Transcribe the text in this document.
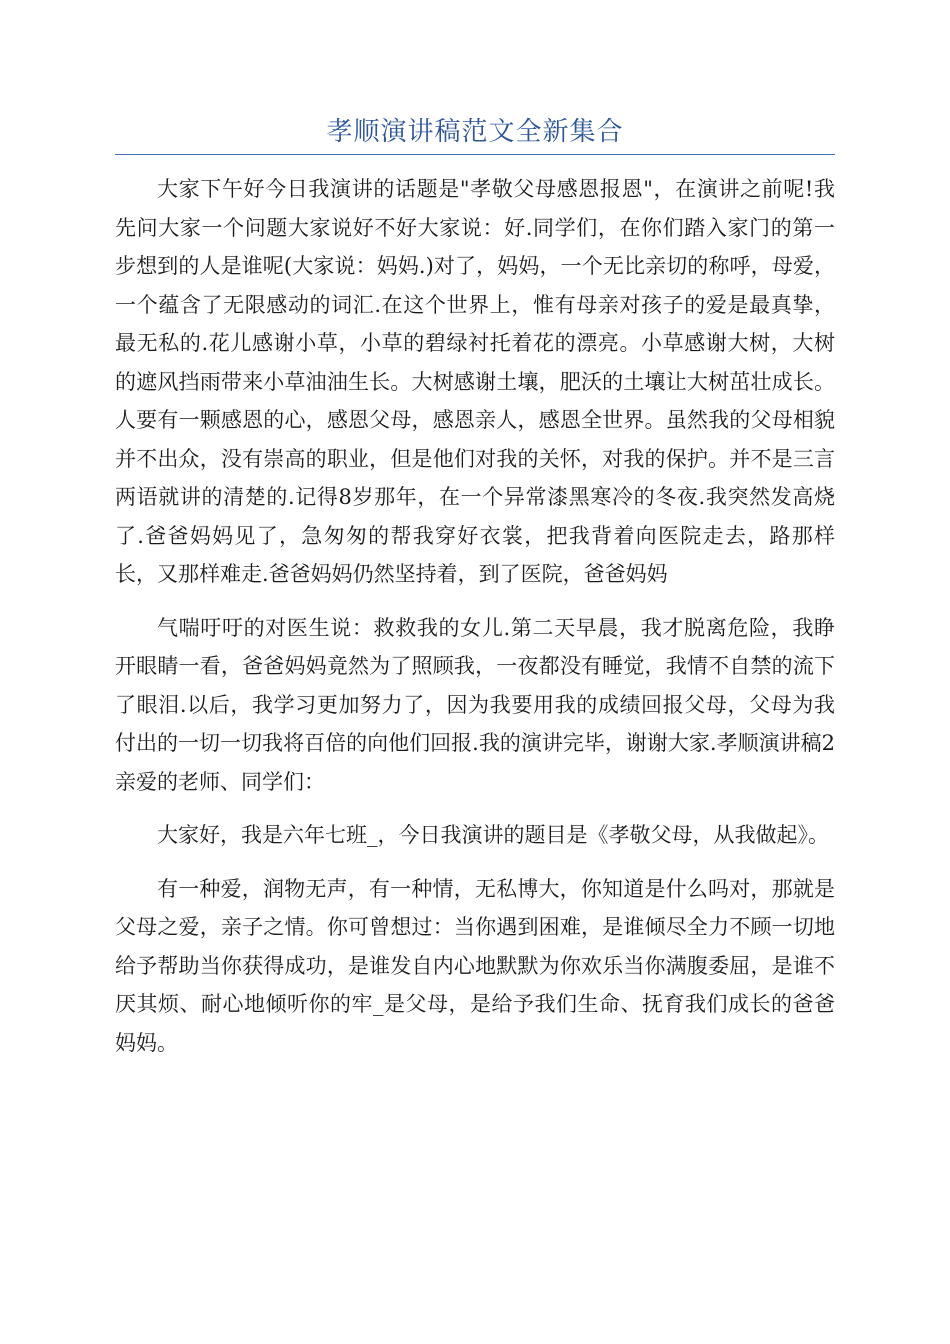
孝顺演讲稿范文全新集合

大家下午好今日我演讲的话题是"孝敬父母感恩报恩"，在演讲之前呢!我先问大家一个问题大家说好不好大家说：好.同学们，在你们踏入家门的第一步想到的人是谁呢(大家说：妈妈.)对了，妈妈，一个无比亲切的称呼，母爱，一个蕴含了无限感动的词汇.在这个世界上，惟有母亲对孩子的爱是最真挚，最无私的.花儿感谢小草，小草的碧绿衬托着花的漂亮。小草感谢大树，大树的遮风挡雨带来小草油油生长。大树感谢土壤，肥沃的土壤让大树茁壮成长。人要有一颗感恩的心，感恩父母，感恩亲人，感恩全世界。虽然我的父母相貌并不出众，没有崇高的职业，但是他们对我的关怀，对我的保护。并不是三言两语就讲的清楚的.记得8岁那年，在一个异常漆黑寒冷的冬夜.我突然发高烧了.爸爸妈妈见了，急匆匆的帮我穿好衣裳，把我背着向医院走去，路那样长，又那样难走.爸爸妈妈仍然坚持着，到了医院，爸爸妈妈

气喘吁吁的对医生说：救救我的女儿.第二天早晨，我才脱离危险，我睁开眼睛一看，爸爸妈妈竟然为了照顾我，一夜都没有睡觉，我情不自禁的流下了眼泪.以后，我学习更加努力了，因为我要用我的成绩回报父母，父母为我付出的一切一切我将百倍的向他们回报.我的演讲完毕，谢谢大家.孝顺演讲稿2亲爱的老师、同学们：

大家好，我是六年七班_，今日我演讲的题目是《孝敬父母，从我做起》。

有一种爱，润物无声，有一种情，无私博大，你知道是什么吗对，那就是父母之爱，亲子之情。你可曾想过：当你遇到困难，是谁倾尽全力不顾一切地给予帮助当你获得成功，是谁发自内心地默默为你欢乐当你满腹委屈，是谁不厌其烦、耐心地倾听你的牢_是父母，是给予我们生命、抚育我们成长的爸爸妈妈。
